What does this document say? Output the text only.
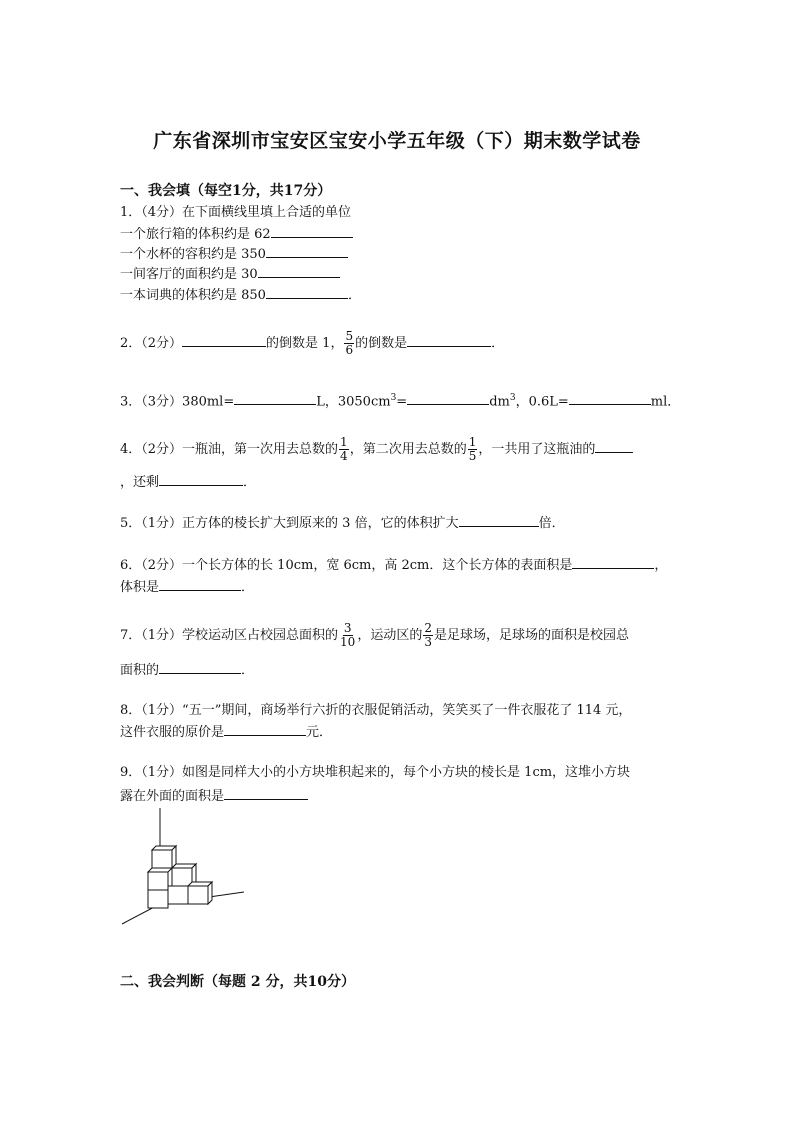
广东省深圳市宝安区宝安小学五年级（下）期末数学试卷
一、我会填（每空1分，共17分）
1．（4分）在下面横线里填上合适的单位
一个旅行箱的体积约是 62
一个水杯的容积约是 350
一间客厅的面积约是 30
一本词典的体积约是 850	．
2．（2分）	的倒数是 1， $\frac{5}{6}$ 的倒数是	．
3．（3分）380ml=	L，$3050cm^3=$	$dm^3$，0.6L=	ml．
4．（2分）一瓶油，第一次用去总数的 $\frac{1}{4}$ ，第二次用去总数的 $\frac{1}{5}$ ，一共用了这瓶油的
，还剩	．
5．（1分）正方体的棱长扩大到原来的 3 倍，它的体积扩大	倍．
6．（2分）一个长方体的长 10cm，宽 6cm，高 2cm．这个长方体的表面积是	，
体积是	．
7．（1分）学校运动区占校园总面积的 $\frac{3}{10}$ ，运动区的 $\frac{2}{3}$ 是足球场，足球场的面积是校园总
面积的	．
8．（1分）“五一”期间，商场举行六折的衣服促销活动，笑笑买了一件衣服花了 114 元，
这件衣服的原价是	元．
9．（1分）如图是同样大小的小方块堆积起来的，每个小方块的棱长是 1cm，这堆小方块
露在外面的面积是
二、我会判断（每题 2 分，共10分）
